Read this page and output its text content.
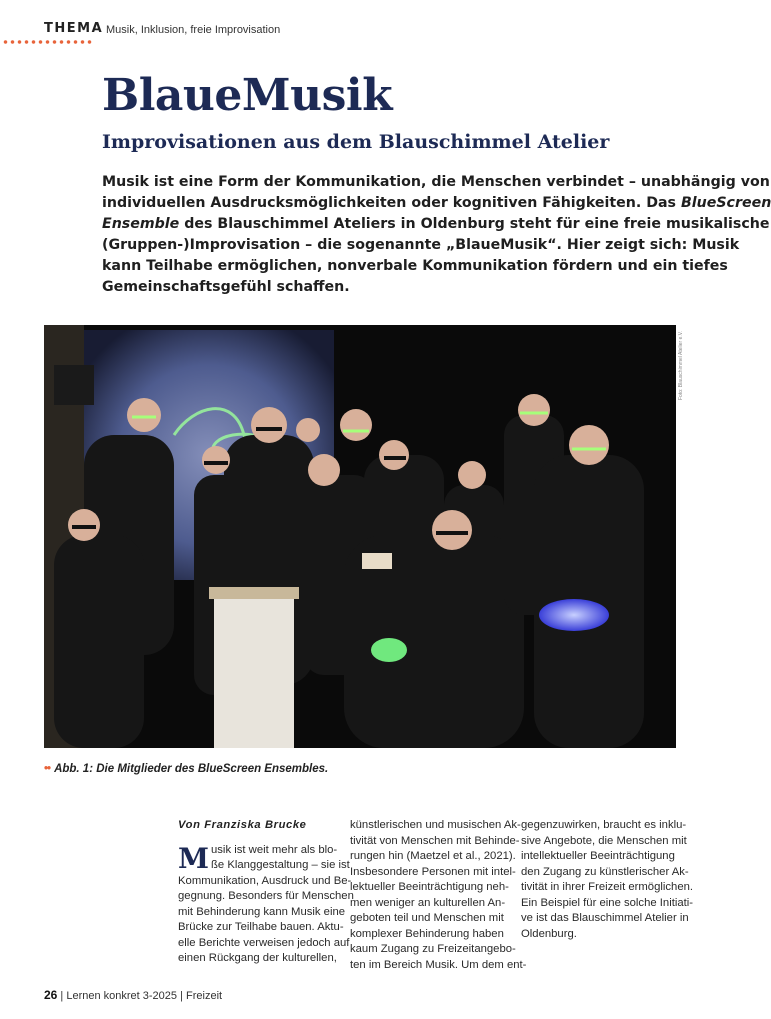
THEMA Musik, Inklusion, freie Improvisation
BlaueMusik
Improvisationen aus dem Blauschimmel Atelier
Musik ist eine Form der Kommunikation, die Menschen verbindet – unabhängig von
individuellen Ausdrucksmöglichkeiten oder kognitiven Fähigkeiten. Das BlueScreen
Ensemble des Blauschimmel Ateliers in Oldenburg steht für eine freie musikalische
(Gruppen-)Improvisation – die sogenannte „BlaueMusik“. Hier zeigt sich: Musik
kann Teilhabe ermöglichen, nonverbale Kommunikation fördern und ein tiefes
Gemeinschaftsgefühl schaffen.
Foto: Blauschimmel Atelier e.V.

•• Abb. 1: Die Mitglieder des BlueScreen Ensembles.

Von Franziska Brucke

M usik ist weit mehr als blo-
ße Klanggestaltung – sie ist
Kommunikation, Ausdruck und Be-
gegnung. Besonders für Menschen
mit Behinderung kann Musik eine
Brücke zur Teilhabe bauen. Aktu-
elle Berichte verweisen jedoch auf
einen Rückgang der kulturellen,
künstlerischen und musischen Ak-
tivität von Menschen mit Behinde-
rungen hin (Maetzel et al., 2021).
Insbesondere Personen mit intel-
lektueller Beeinträchtigung neh-
men weniger an kulturellen An-
geboten teil und Menschen mit
komplexer Behinderung haben
kaum Zugang zu Freizeitangebo-
ten im Bereich Musik. Um dem ent-
gegenzuwirken, braucht es inklu-
sive Angebote, die Menschen mit
intellektueller Beeinträchtigung
den Zugang zu künstlerischer Ak-
tivität in ihrer Freizeit ermöglichen.
Ein Beispiel für eine solche Initiati-
ve ist das Blauschimmel Atelier in
Oldenburg.
26 | Lernen konkret 3-2025 | Freizeit
